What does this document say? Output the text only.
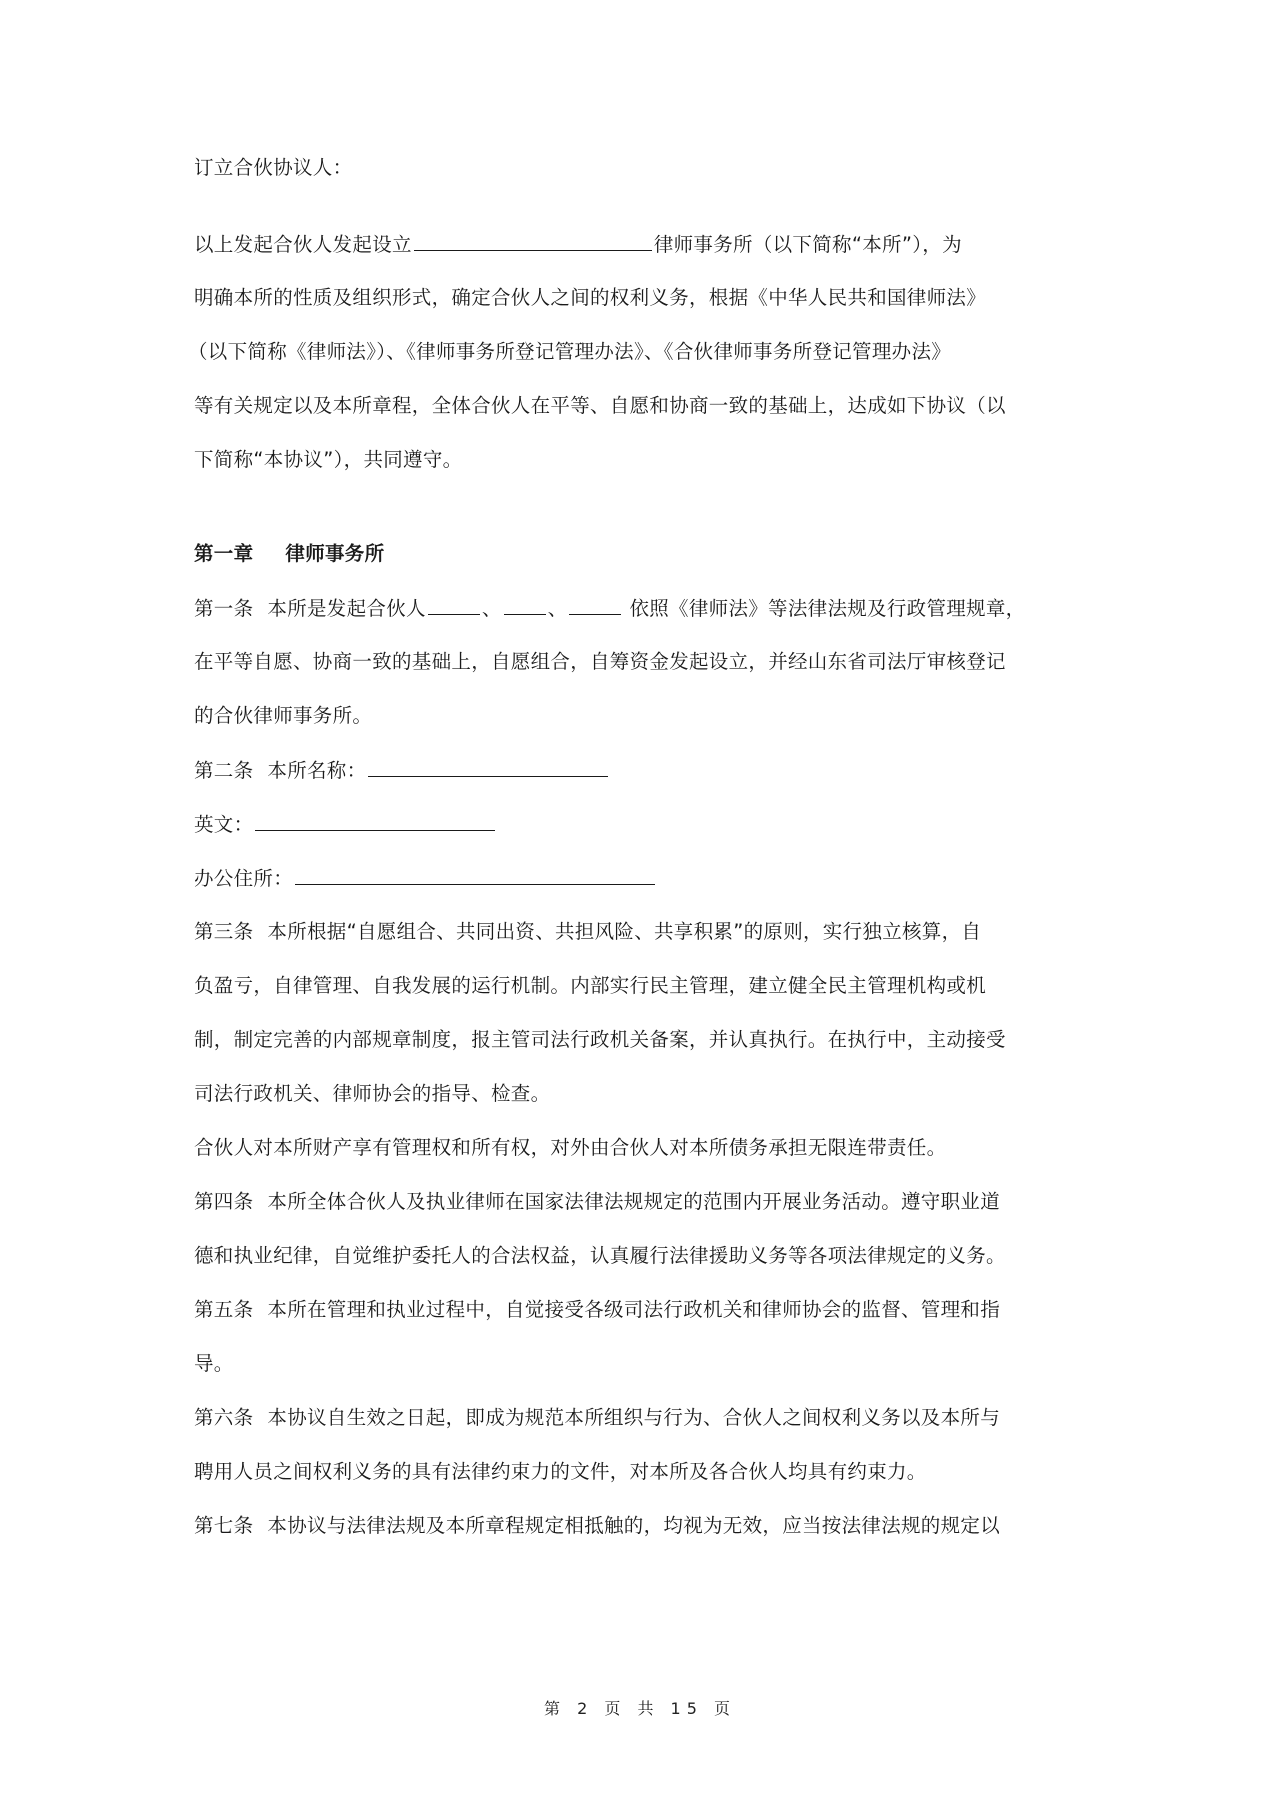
订立合伙协议人：
以上发起合伙人发起设立	律师事务所（以下简称“本所”），为
明确本所的性质及组织形式，确定合伙人之间的权利义务，根据《中华人民共和国律师法》
（以下简称《律师法》）、《律师事务所登记管理办法》、《合伙律师事务所登记管理办法》
等有关规定以及本所章程，全体合伙人在平等、自愿和协商一致的基础上，达成如下协议（以
下简称“本协议”），共同遵守。
第一章 律师事务所
第一条 本所是发起合伙人	、 、	依照《律师法》等法律法规及行政管理规章，
在平等自愿、协商一致的基础上，自愿组合，自筹资金发起设立，并经山东省司法厅审核登记
的合伙律师事务所。
第二条 本所名称：
英文：
办公住所：
第三条 本所根据“自愿组合、共同出资、共担风险、共享积累”的原则，实行独立核算，自
负盈亏，自律管理、自我发展的运行机制。内部实行民主管理，建立健全民主管理机构或机
制，制定完善的内部规章制度，报主管司法行政机关备案，并认真执行。在执行中，主动接受
司法行政机关、律师协会的指导、检查。
合伙人对本所财产享有管理权和所有权，对外由合伙人对本所债务承担无限连带责任。
第四条 本所全体合伙人及执业律师在国家法律法规规定的范围内开展业务活动。遵守职业道
德和执业纪律，自觉维护委托人的合法权益，认真履行法律援助义务等各项法律规定的义务。
第五条 本所在管理和执业过程中，自觉接受各级司法行政机关和律师协会的监督、管理和指
导。
第六条 本协议自生效之日起，即成为规范本所组织与行为、合伙人之间权利义务以及本所与
聘用人员之间权利义务的具有法律约束力的文件，对本所及各合伙人均具有约束力。
第七条 本协议与法律法规及本所章程规定相抵触的，均视为无效，应当按法律法规的规定以
第 2 页 共 15 页
